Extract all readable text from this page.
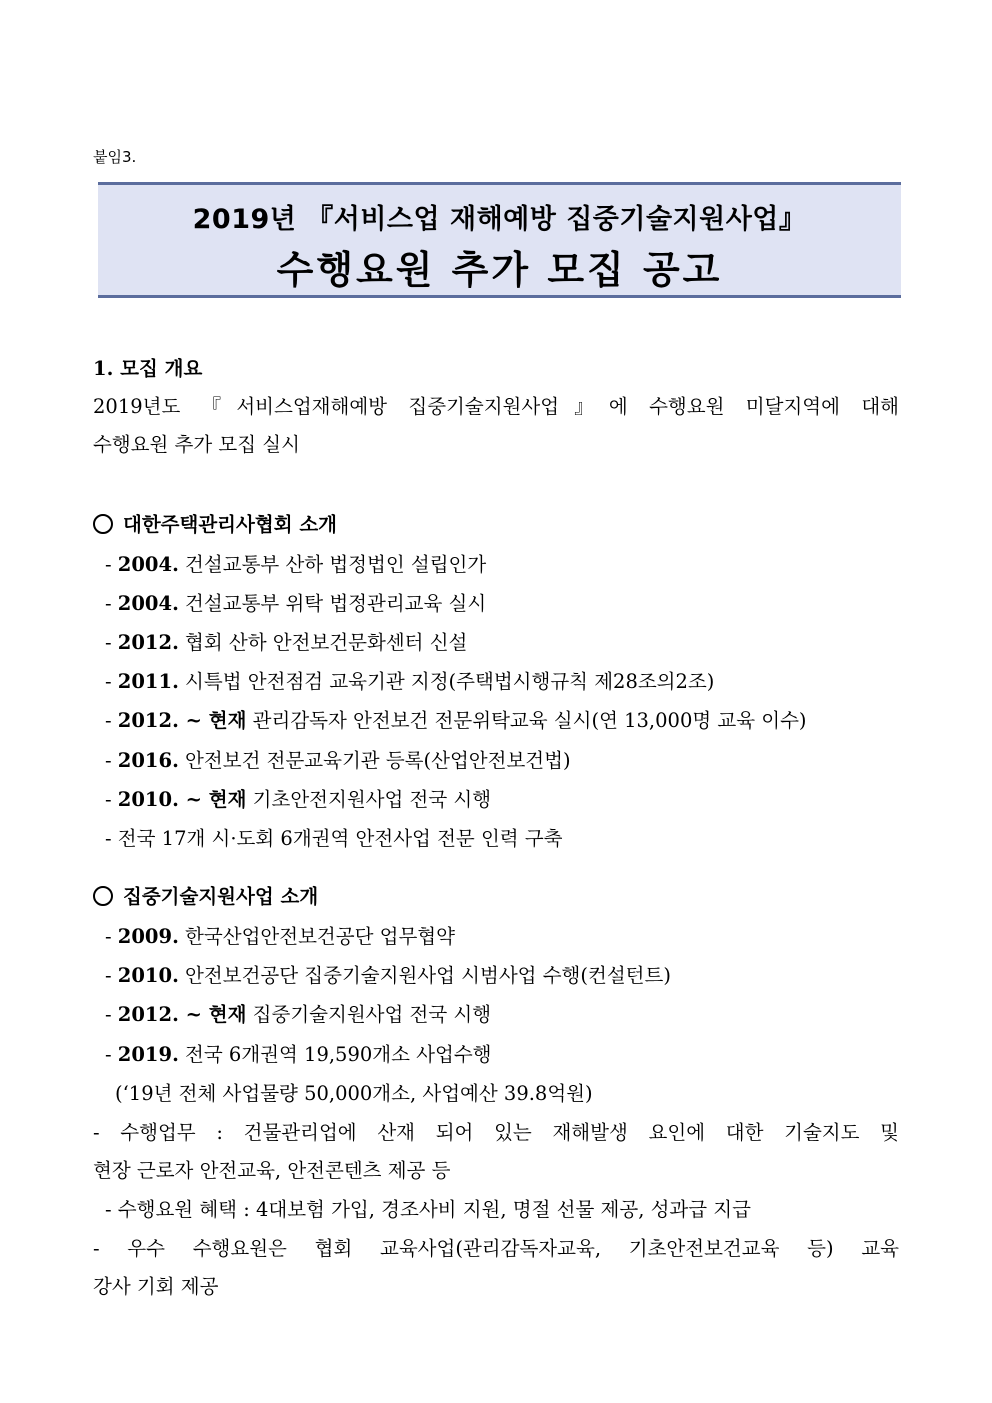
붙임3.
2019년 『서비스업 재해예방 집중기술지원사업』
수행요원 추가 모집 공고
1. 모집 개요
2019년도 『서비스업재해예방 집중기술지원사업』에 수행요원 미달지역에 대해
수행요원 추가 모집 실시
대한주택관리사협회 소개
- 2004. 건설교통부 산하 법정법인 설립인가
- 2004. 건설교통부 위탁 법정관리교육 실시
- 2012. 협회 산하 안전보건문화센터 신설
- 2011. 시특법 안전점검 교육기관 지정(주택법시행규칙 제28조의2조)
- 2012. ~ 현재 관리감독자 안전보건 전문위탁교육 실시(연 13,000명 교육 이수)
- 2016. 안전보건 전문교육기관 등록(산업안전보건법)
- 2010. ~ 현재 기초안전지원사업 전국 시행
- 전국 17개 시·도회 6개권역 안전사업 전문 인력 구축
집중기술지원사업 소개
- 2009. 한국산업안전보건공단 업무협약
- 2010. 안전보건공단 집중기술지원사업 시범사업 수행(컨설턴트)
- 2012. ~ 현재 집중기술지원사업 전국 시행
- 2019. 전국 6개권역 19,590개소 사업수행
(‘19년 전체 사업물량 50,000개소, 사업예산 39.8억원)
- 수행업무 : 건물관리업에 산재 되어 있는 재해발생 요인에 대한 기술지도 및
현장 근로자 안전교육, 안전콘텐츠 제공 등
- 수행요원 혜택 : 4대보험 가입, 경조사비 지원, 명절 선물 제공, 성과급 지급
- 우수 수행요원은 협회 교육사업(관리감독자교육, 기초안전보건교육 등) 교육
강사 기회 제공
